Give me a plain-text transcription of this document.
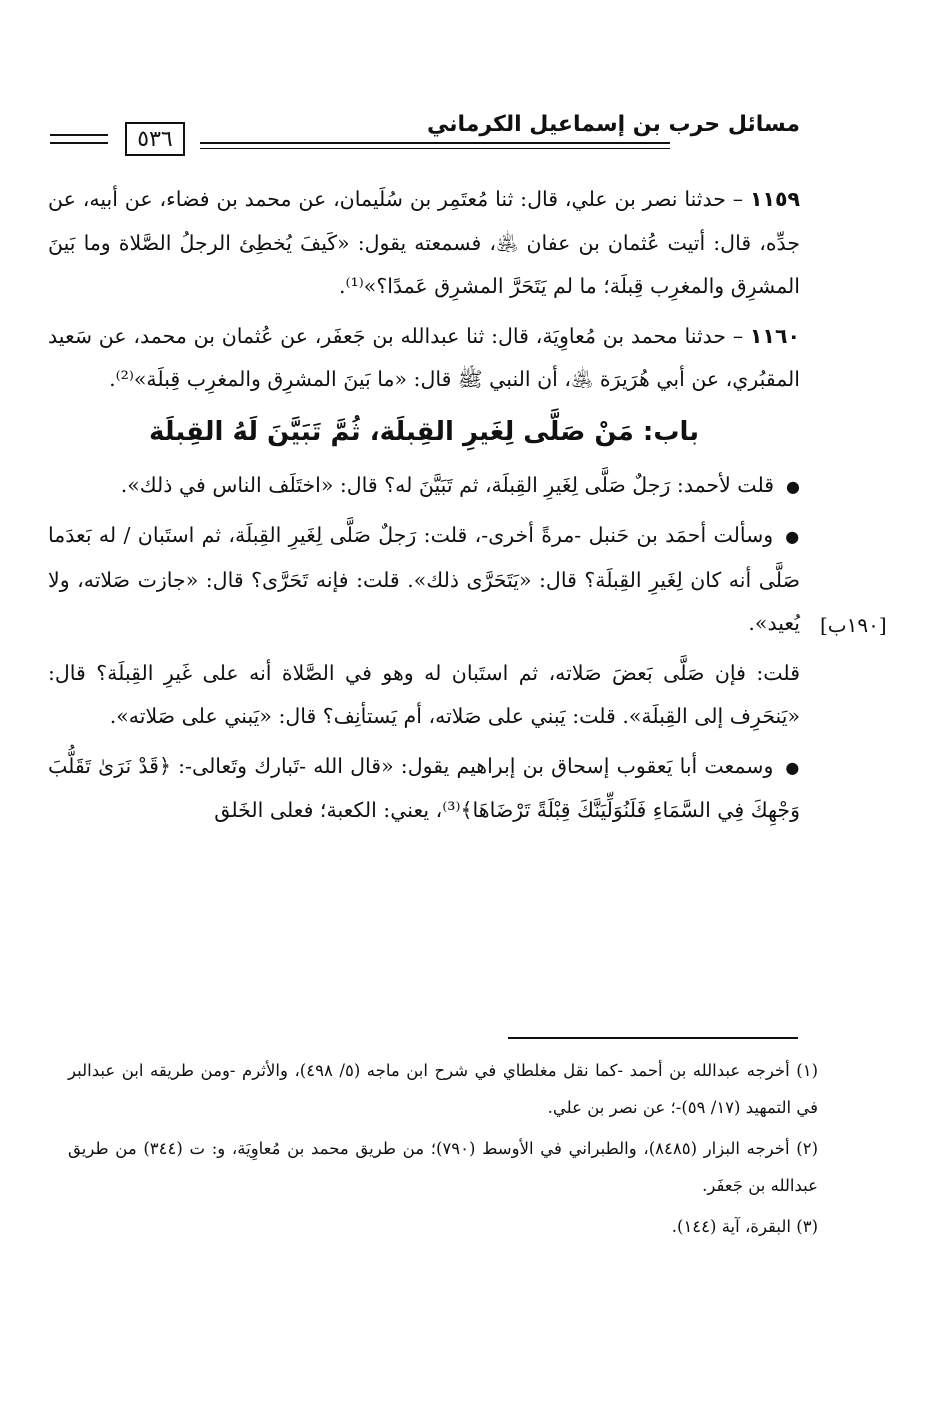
٥٣٦
مسائل حرب بن إسماعيل الكرماني
[١٩٠ب]

١١٥٩ – حدثنا نصر بن علي، قال: ثنا مُعتَمِر بن سُلَيمان، عن محمد بن فضاء، عن أبيه، عن جدِّه، قال: أتيت عُثمان بن عفان ﵁، فسمعته يقول: «كَيفَ يُخطِئ الرجلُ الصَّلاة وما بَينَ المشرِق والمغرِب قِبلَة؛ ما لم يَتَحَرَّ المشرِق عَمدًا؟»⁽¹⁾.

١١٦٠ – حدثنا محمد بن مُعاوِيَة، قال: ثنا عبدالله بن جَعفَر، عن عُثمان بن محمد، عن سَعيد المقبُري، عن أبي هُرَيرَة ﵁، أن النبي ﷺ قال: «ما بَينَ المشرِق والمغرِب قِبلَة»⁽²⁾.

باب: مَنْ صَلَّى لِغَيرِ القِبلَة، ثُمَّ تَبَيَّنَ لَهُ القِبلَة

●قلت لأحمد: رَجلٌ صَلَّى لِغَيرِ القِبلَة، ثم تَبَيَّنَ له؟ قال: «اختَلَف الناس في ذلك».

●وسألت أحمَد بن حَنبل -مرةً أخرى-، قلت: رَجلٌ صَلَّى لِغَيرِ القِبلَة، ثم استَبان / له بَعدَما صَلَّى أنه كان لِغَيرِ القِبلَة؟ قال: «يَتَحَرَّى ذلك». قلت: فإنه تَحَرَّى؟ قال: «جازت صَلاته، ولا يُعيد».

قلت: فإن صَلَّى بَعضَ صَلاته، ثم استَبان له وهو في الصَّلاة أنه على غَيرِ القِبلَة؟ قال: «يَنحَرِف إلى القِبلَة». قلت: يَبني على صَلاته، أم يَستأنِف؟ قال: «يَبني على صَلاته».

●وسمعت أبا يَعقوب إسحاق بن إبراهيم يقول: «قال الله -تَبارك وتَعالى-: ﴿قَدْ نَرَىٰ تَقَلُّبَ وَجْهِكَ فِي السَّمَاءِ فَلَنُوَلِّيَنَّكَ قِبْلَةً تَرْضَاهَا﴾⁽³⁾، يعني: الكعبة؛ فعلى الخَلق

(١) أخرجه عبدالله بن أحمد -كما نقل مغلطاي في شرح ابن ماجه (٥/ ٤٩٨)، والأثرم -ومن طريقه ابن عبدالبر في التمهيد (١٧/ ٥٩)-؛ عن نصر بن علي.

(٢) أخرجه البزار (٨٤٨٥)، والطبراني في الأوسط (٧٩٠)؛ من طريق محمد بن مُعاوِيَة، و: ت (٣٤٤) من طريق عبدالله بن جَعفَر.

(٣) البقرة، آية (١٤٤).
